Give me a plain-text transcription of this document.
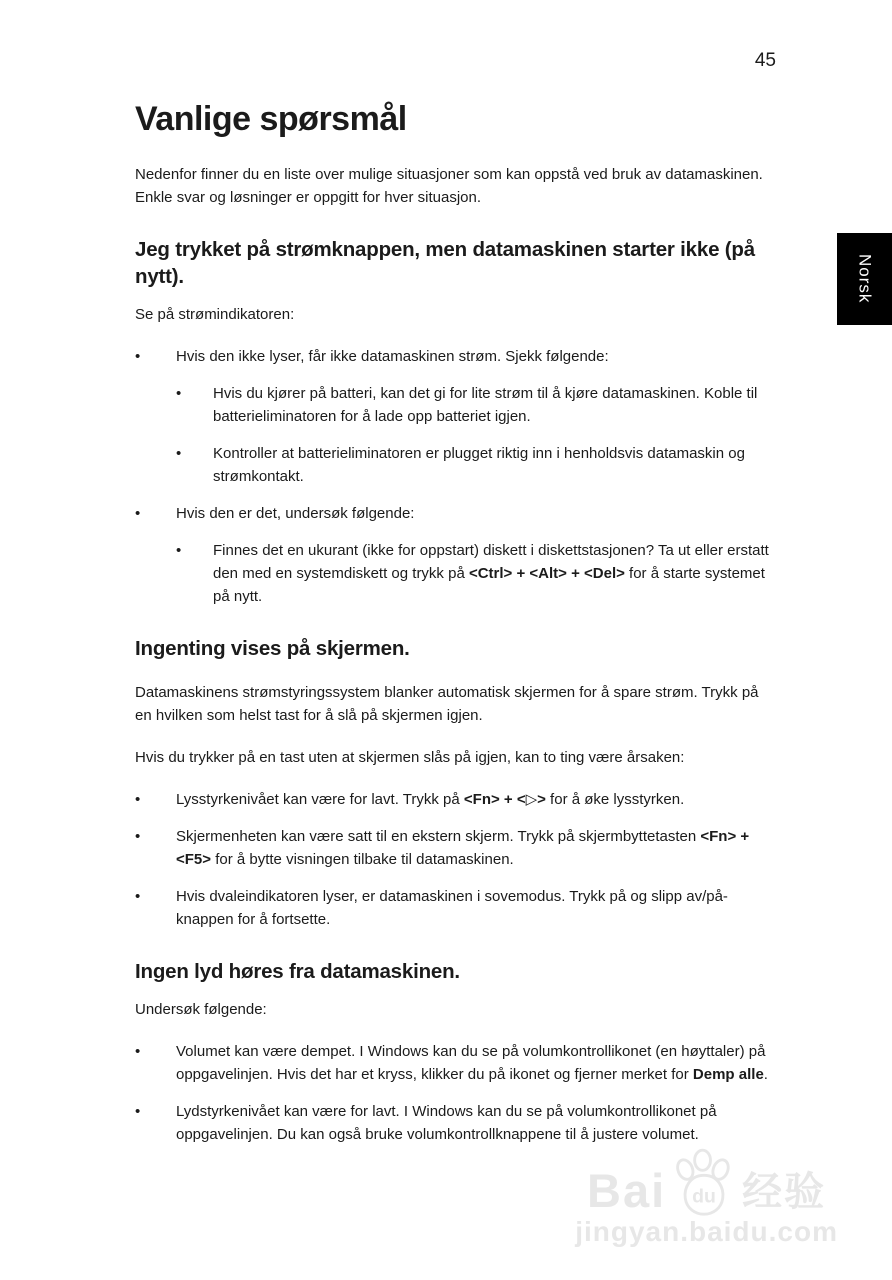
45
Norsk
Vanlige spørsmål

Nedenfor finner du en liste over mulige situasjoner som kan oppstå ved bruk av datamaskinen. Enkle svar og løsninger er oppgitt for hver situasjon.

Jeg trykket på strømknappen, men datamaskinen starter ikke (på nytt).

Se på strømindikatoren:

•	Hvis den ikke lyser, får ikke datamaskinen strøm. Sjekk følgende:
•	Hvis du kjører på batteri, kan det gi for lite strøm til å kjøre datamaskinen. Koble til batterieliminatoren for å lade opp batteriet igjen.
•	Kontroller at batterieliminatoren er plugget riktig inn i henholdsvis datamaskin og strømkontakt.
•	Hvis den er det, undersøk følgende:
•	Finnes det en ukurant (ikke for oppstart) diskett i diskettstasjonen? Ta ut eller erstatt den med en systemdiskett og trykk på <Ctrl> + <Alt> + <Del> for å starte systemet på nytt.
Ingenting vises på skjermen.

Datamaskinens strømstyringssystem blanker automatisk skjermen for å spare strøm. Trykk på en hvilken som helst tast for å slå på skjermen igjen.

Hvis du trykker på en tast uten at skjermen slås på igjen, kan to ting være årsaken:

•	Lysstyrkenivået kan være for lavt. Trykk på <Fn> + <▷> for å øke lysstyrken.
•	Skjermenheten kan være satt til en ekstern skjerm. Trykk på skjermbyttetasten <Fn> + <F5> for å bytte visningen tilbake til datamaskinen.
•	Hvis dvaleindikatoren lyser, er datamaskinen i sovemodus. Trykk på og slipp av/på-knappen for å fortsette.
Ingen lyd høres fra datamaskinen.

Undersøk følgende:

•	Volumet kan være dempet. I Windows kan du se på volumkontrollikonet (en høyttaler) på oppgavelinjen. Hvis det har et kryss, klikker du på ikonet og fjerner merket for Demp alle.
•	Lydstyrkenivået kan være for lavt. I Windows kan du se på volumkontrollikonet på oppgavelinjen. Du kan også bruke volumkontrollknappene til å justere volumet.
Bai du 经验
jingyan.baidu.com
